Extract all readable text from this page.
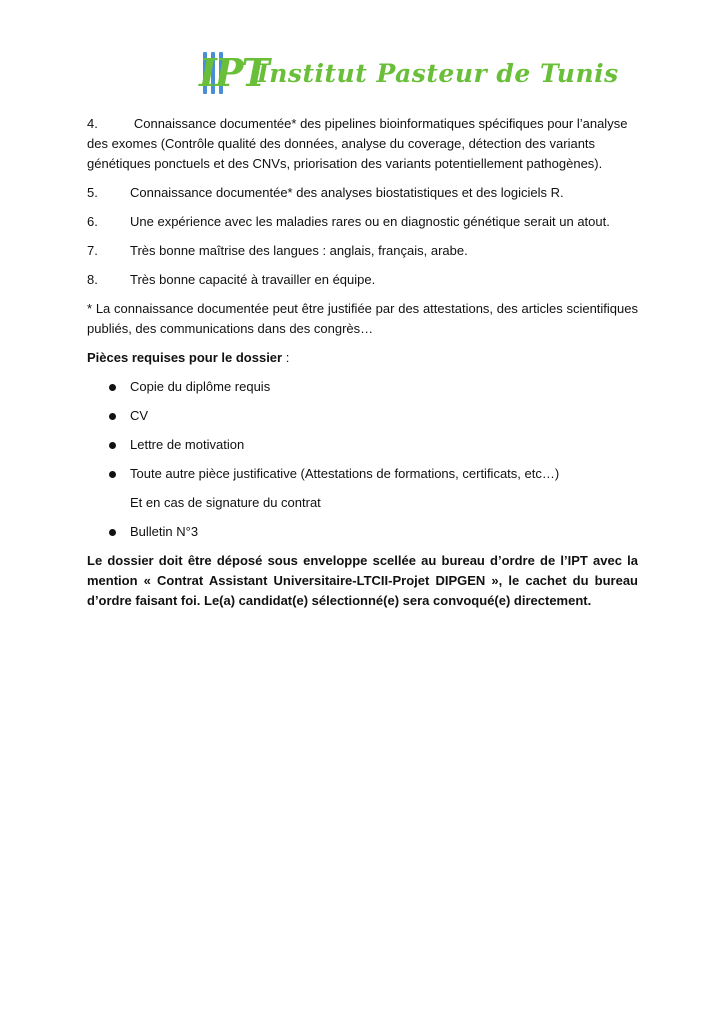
IPT
Institut Pasteur de Tunis

4.	Connaissance documentée* des pipelines bioinformatiques spécifiques pour l’analyse des exomes (Contrôle qualité des données, analyse du coverage, détection des variants génétiques ponctuels et des CNVs, priorisation des variants potentiellement pathogènes).

5.	Connaissance documentée* des analyses biostatistiques et des logiciels R.
6.	Une expérience avec les maladies rares ou en diagnostic génétique serait un atout.
7.	Très bonne maîtrise des langues : anglais, français, arabe.
8.	Très bonne capacité à travailler en équipe.

* La connaissance documentée peut être justifiée par des attestations, des articles scientifiques publiés, des communications dans des congrès…

Pièces requises pour le dossier :

Copie du diplôme requis
CV
Lettre de motivation
Toute autre pièce justificative (Attestations de formations, certificats, etc…)

Et en cas de signature du contrat

Bulletin N°3

Le dossier doit être déposé sous enveloppe scellée au bureau d’ordre de l’IPT avec la mention « Contrat Assistant Universitaire-LTCII-Projet DIPGEN », le cachet du bureau d’ordre faisant foi. Le(a) candidat(e) sélectionné(e) sera convoqué(e) directement.
